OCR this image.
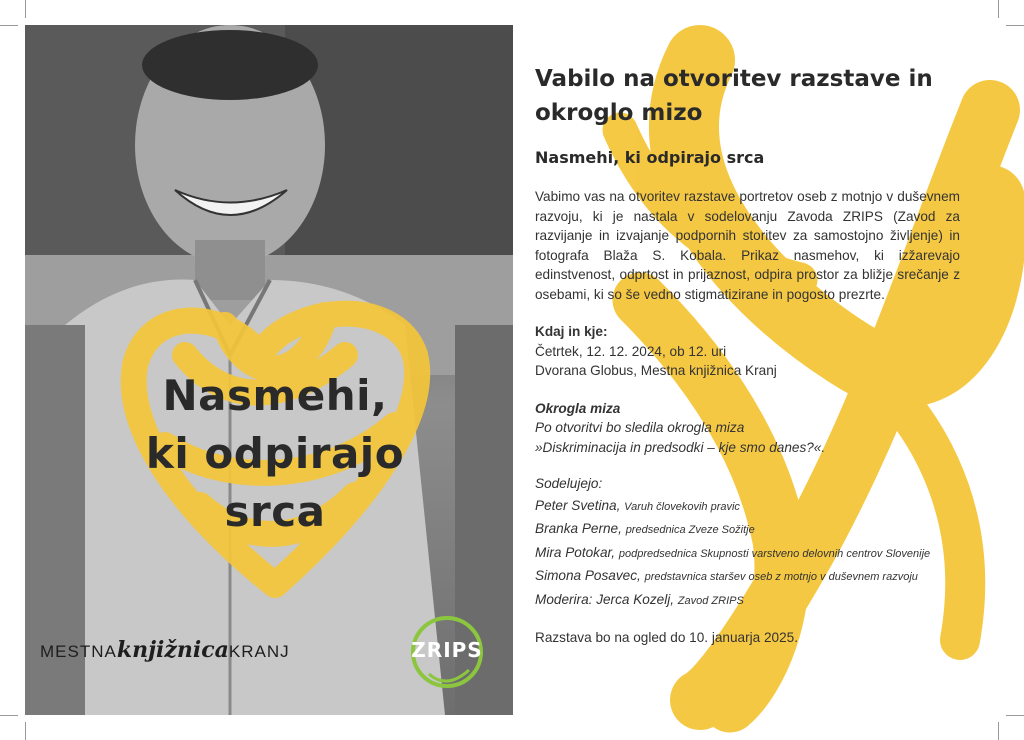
Nasmehi,
ki odpirajo
srca
MESTNAknjižnicaKRANJ	ZRIPS
Vabilo na otvoritev razstave in
okroglo mizo
Nasmehi, ki odpirajo srca
Vabimo vas na otvoritev razstave portretov oseb z motnjo v duševnem razvoju, ki je nastala v sodelovanju Zavoda ZRIPS (Zavod za razvijanje in izvajanje podpornih storitev za samostojno življenje) in fotografa Blaža S. Kobala. Prikaz nasmehov, ki izžarevajo edinstvenost, odprtost in prijaznost, odpira prostor za bližje srečanje z osebami, ki so še vedno stigmatizirane in pogosto prezrte.
Kdaj in kje:
Četrtek, 12. 12. 2024, ob 12. uri
Dvorana Globus, Mestna knjižnica Kranj
Okrogla miza
Po otvoritvi bo sledila okrogla miza
»Diskriminacija in predsodki – kje smo danes?«.
Sodelujejo:
Peter Svetina, Varuh človekovih pravic
Branka Perne, predsednica Zveze Sožitje
Mira Potokar, podpredsednica Skupnosti varstveno delovnih centrov Slovenije
Simona Posavec, predstavnica staršev oseb z motnjo v duševnem razvoju
Moderira: Jerca Kozelj, Zavod ZRIPS
Razstava bo na ogled do 10. januarja 2025.
